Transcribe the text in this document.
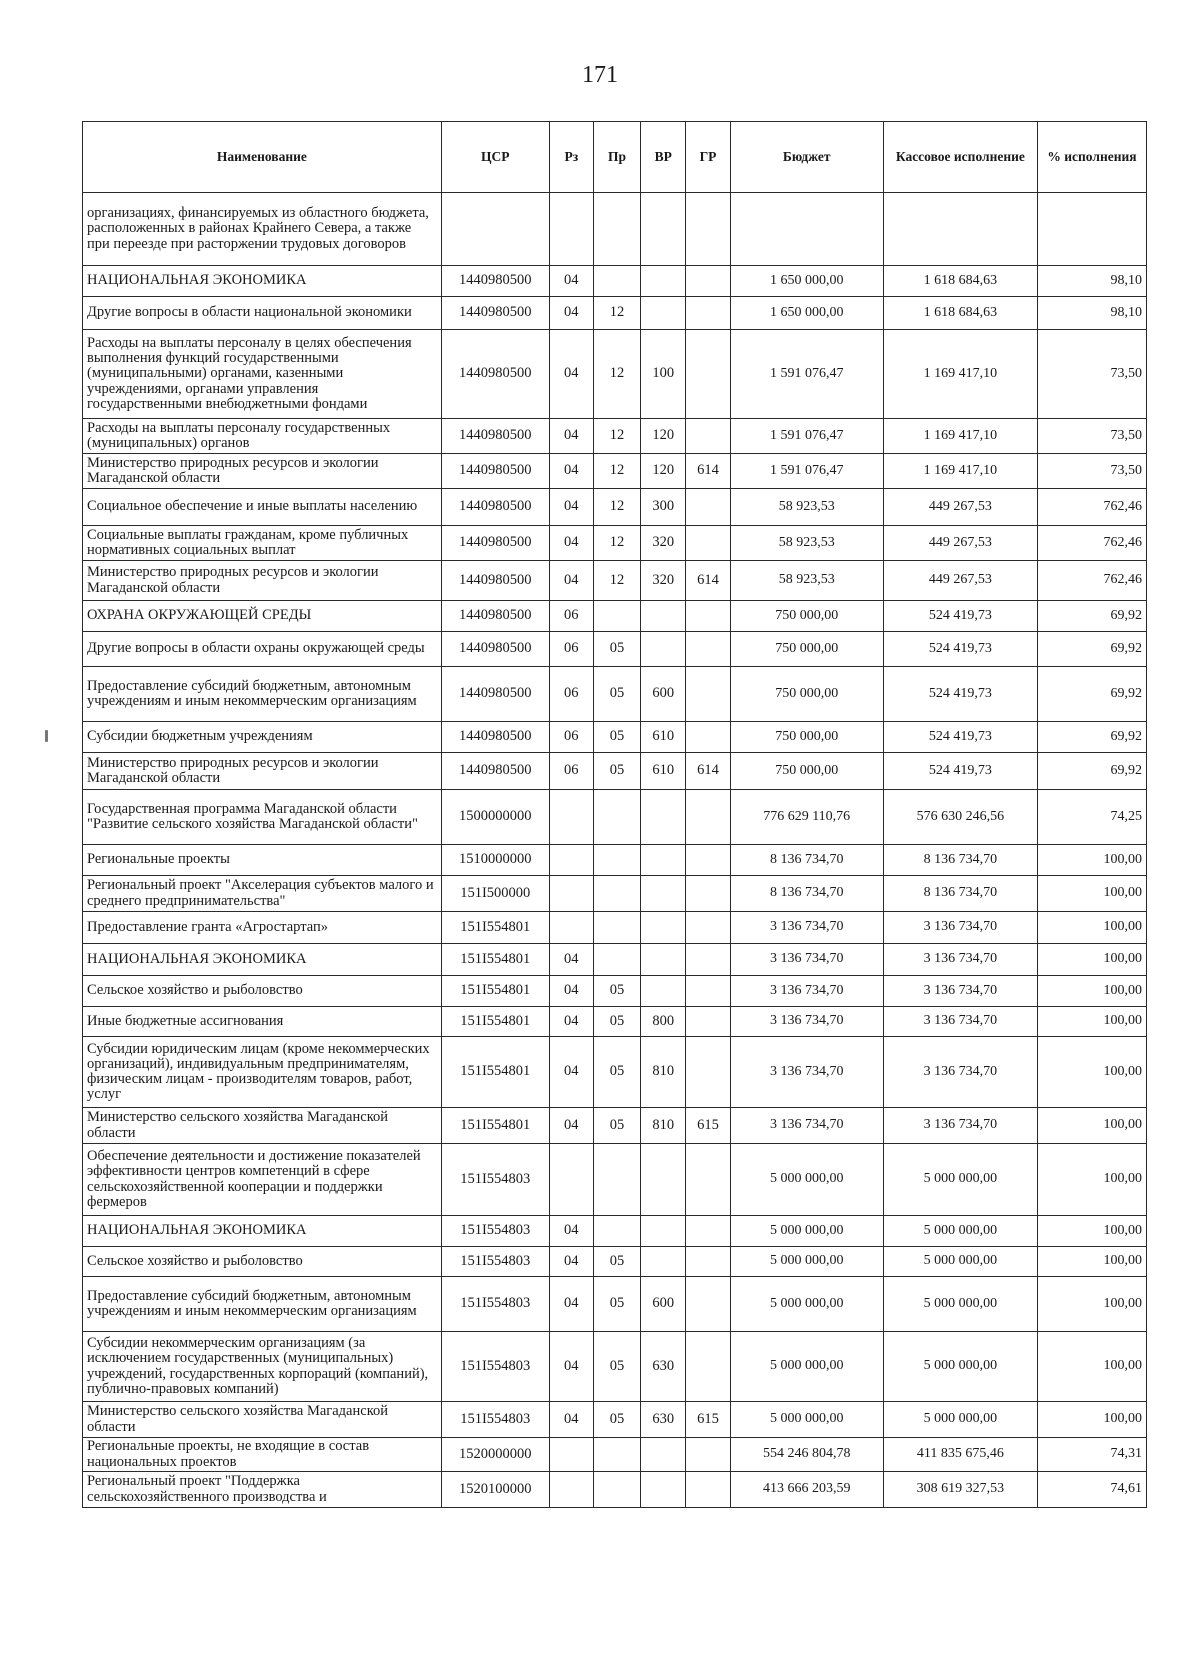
171
Наименование	ЦСР	Рз	Пр	ВР	ГР	Бюджет	Кассовое исполнение	% исполнения
организациях, финансируемых из областного бюджета, расположенных в районах Крайнего Севера, а также при переезде при расторжении трудовых договоров								
НАЦИОНАЛЬНАЯ ЭКОНОМИКА	1440980500	04				1 650 000,00	1 618 684,63	98,10
Другие вопросы в области национальной экономики	1440980500	04	12			1 650 000,00	1 618 684,63	98,10
Расходы на выплаты персоналу в целях обеспечения выполнения функций государственными (муниципальными) органами, казенными учреждениями, органами управления государственными внебюджетными фондами	1440980500	04	12	100		1 591 076,47	1 169 417,10	73,50
Расходы на выплаты персоналу государственных (муниципальных) органов	1440980500	04	12	120		1 591 076,47	1 169 417,10	73,50
Министерство природных ресурсов и экологии Магаданской области	1440980500	04	12	120	614	1 591 076,47	1 169 417,10	73,50
Социальное обеспечение и иные выплаты населению	1440980500	04	12	300		58 923,53	449 267,53	762,46
Социальные выплаты гражданам, кроме публичных нормативных социальных выплат	1440980500	04	12	320		58 923,53	449 267,53	762,46
Министерство природных ресурсов и экологии Магаданской области	1440980500	04	12	320	614	58 923,53	449 267,53	762,46
ОХРАНА ОКРУЖАЮЩЕЙ СРЕДЫ	1440980500	06				750 000,00	524 419,73	69,92
Другие вопросы в области охраны окружающей среды	1440980500	06	05			750 000,00	524 419,73	69,92
Предоставление субсидий бюджетным, автономным учреждениям и иным некоммерческим организациям	1440980500	06	05	600		750 000,00	524 419,73	69,92
Субсидии бюджетным учреждениям	1440980500	06	05	610		750 000,00	524 419,73	69,92
Министерство природных ресурсов и экологии Магаданской области	1440980500	06	05	610	614	750 000,00	524 419,73	69,92
Государственная программа Магаданской области "Развитие сельского хозяйства Магаданской области"	1500000000					776 629 110,76	576 630 246,56	74,25
Региональные проекты	1510000000					8 136 734,70	8 136 734,70	100,00
Региональный проект "Акселерация субъектов малого и среднего предпринимательства"	151I500000					8 136 734,70	8 136 734,70	100,00
Предоставление гранта «Агростартап»	151I554801					3 136 734,70	3 136 734,70	100,00
НАЦИОНАЛЬНАЯ ЭКОНОМИКА	151I554801	04				3 136 734,70	3 136 734,70	100,00
Сельское хозяйство и рыболовство	151I554801	04	05			3 136 734,70	3 136 734,70	100,00
Иные бюджетные ассигнования	151I554801	04	05	800		3 136 734,70	3 136 734,70	100,00
Субсидии юридическим лицам (кроме некоммерческих организаций), индивидуальным предпринимателям, физическим лицам - производителям товаров, работ, услуг	151I554801	04	05	810		3 136 734,70	3 136 734,70	100,00
Министерство сельского хозяйства Магаданской области	151I554801	04	05	810	615	3 136 734,70	3 136 734,70	100,00
Обеспечение деятельности и достижение показателей эффективности центров компетенций в сфере сельскохозяйственной кооперации и поддержки фермеров	151I554803					5 000 000,00	5 000 000,00	100,00
НАЦИОНАЛЬНАЯ ЭКОНОМИКА	151I554803	04				5 000 000,00	5 000 000,00	100,00
Сельское хозяйство и рыболовство	151I554803	04	05			5 000 000,00	5 000 000,00	100,00
Предоставление субсидий бюджетным, автономным учреждениям и иным некоммерческим организациям	151I554803	04	05	600		5 000 000,00	5 000 000,00	100,00
Субсидии некоммерческим организациям (за исключением государственных (муниципальных) учреждений, государственных корпораций (компаний), публично-правовых компаний)	151I554803	04	05	630		5 000 000,00	5 000 000,00	100,00
Министерство сельского хозяйства Магаданской области	151I554803	04	05	630	615	5 000 000,00	5 000 000,00	100,00
Региональные проекты, не входящие в состав национальных проектов	1520000000					554 246 804,78	411 835 675,46	74,31
Региональный проект "Поддержка сельскохозяйственного производства и	1520100000					413 666 203,59	308 619 327,53	74,61
